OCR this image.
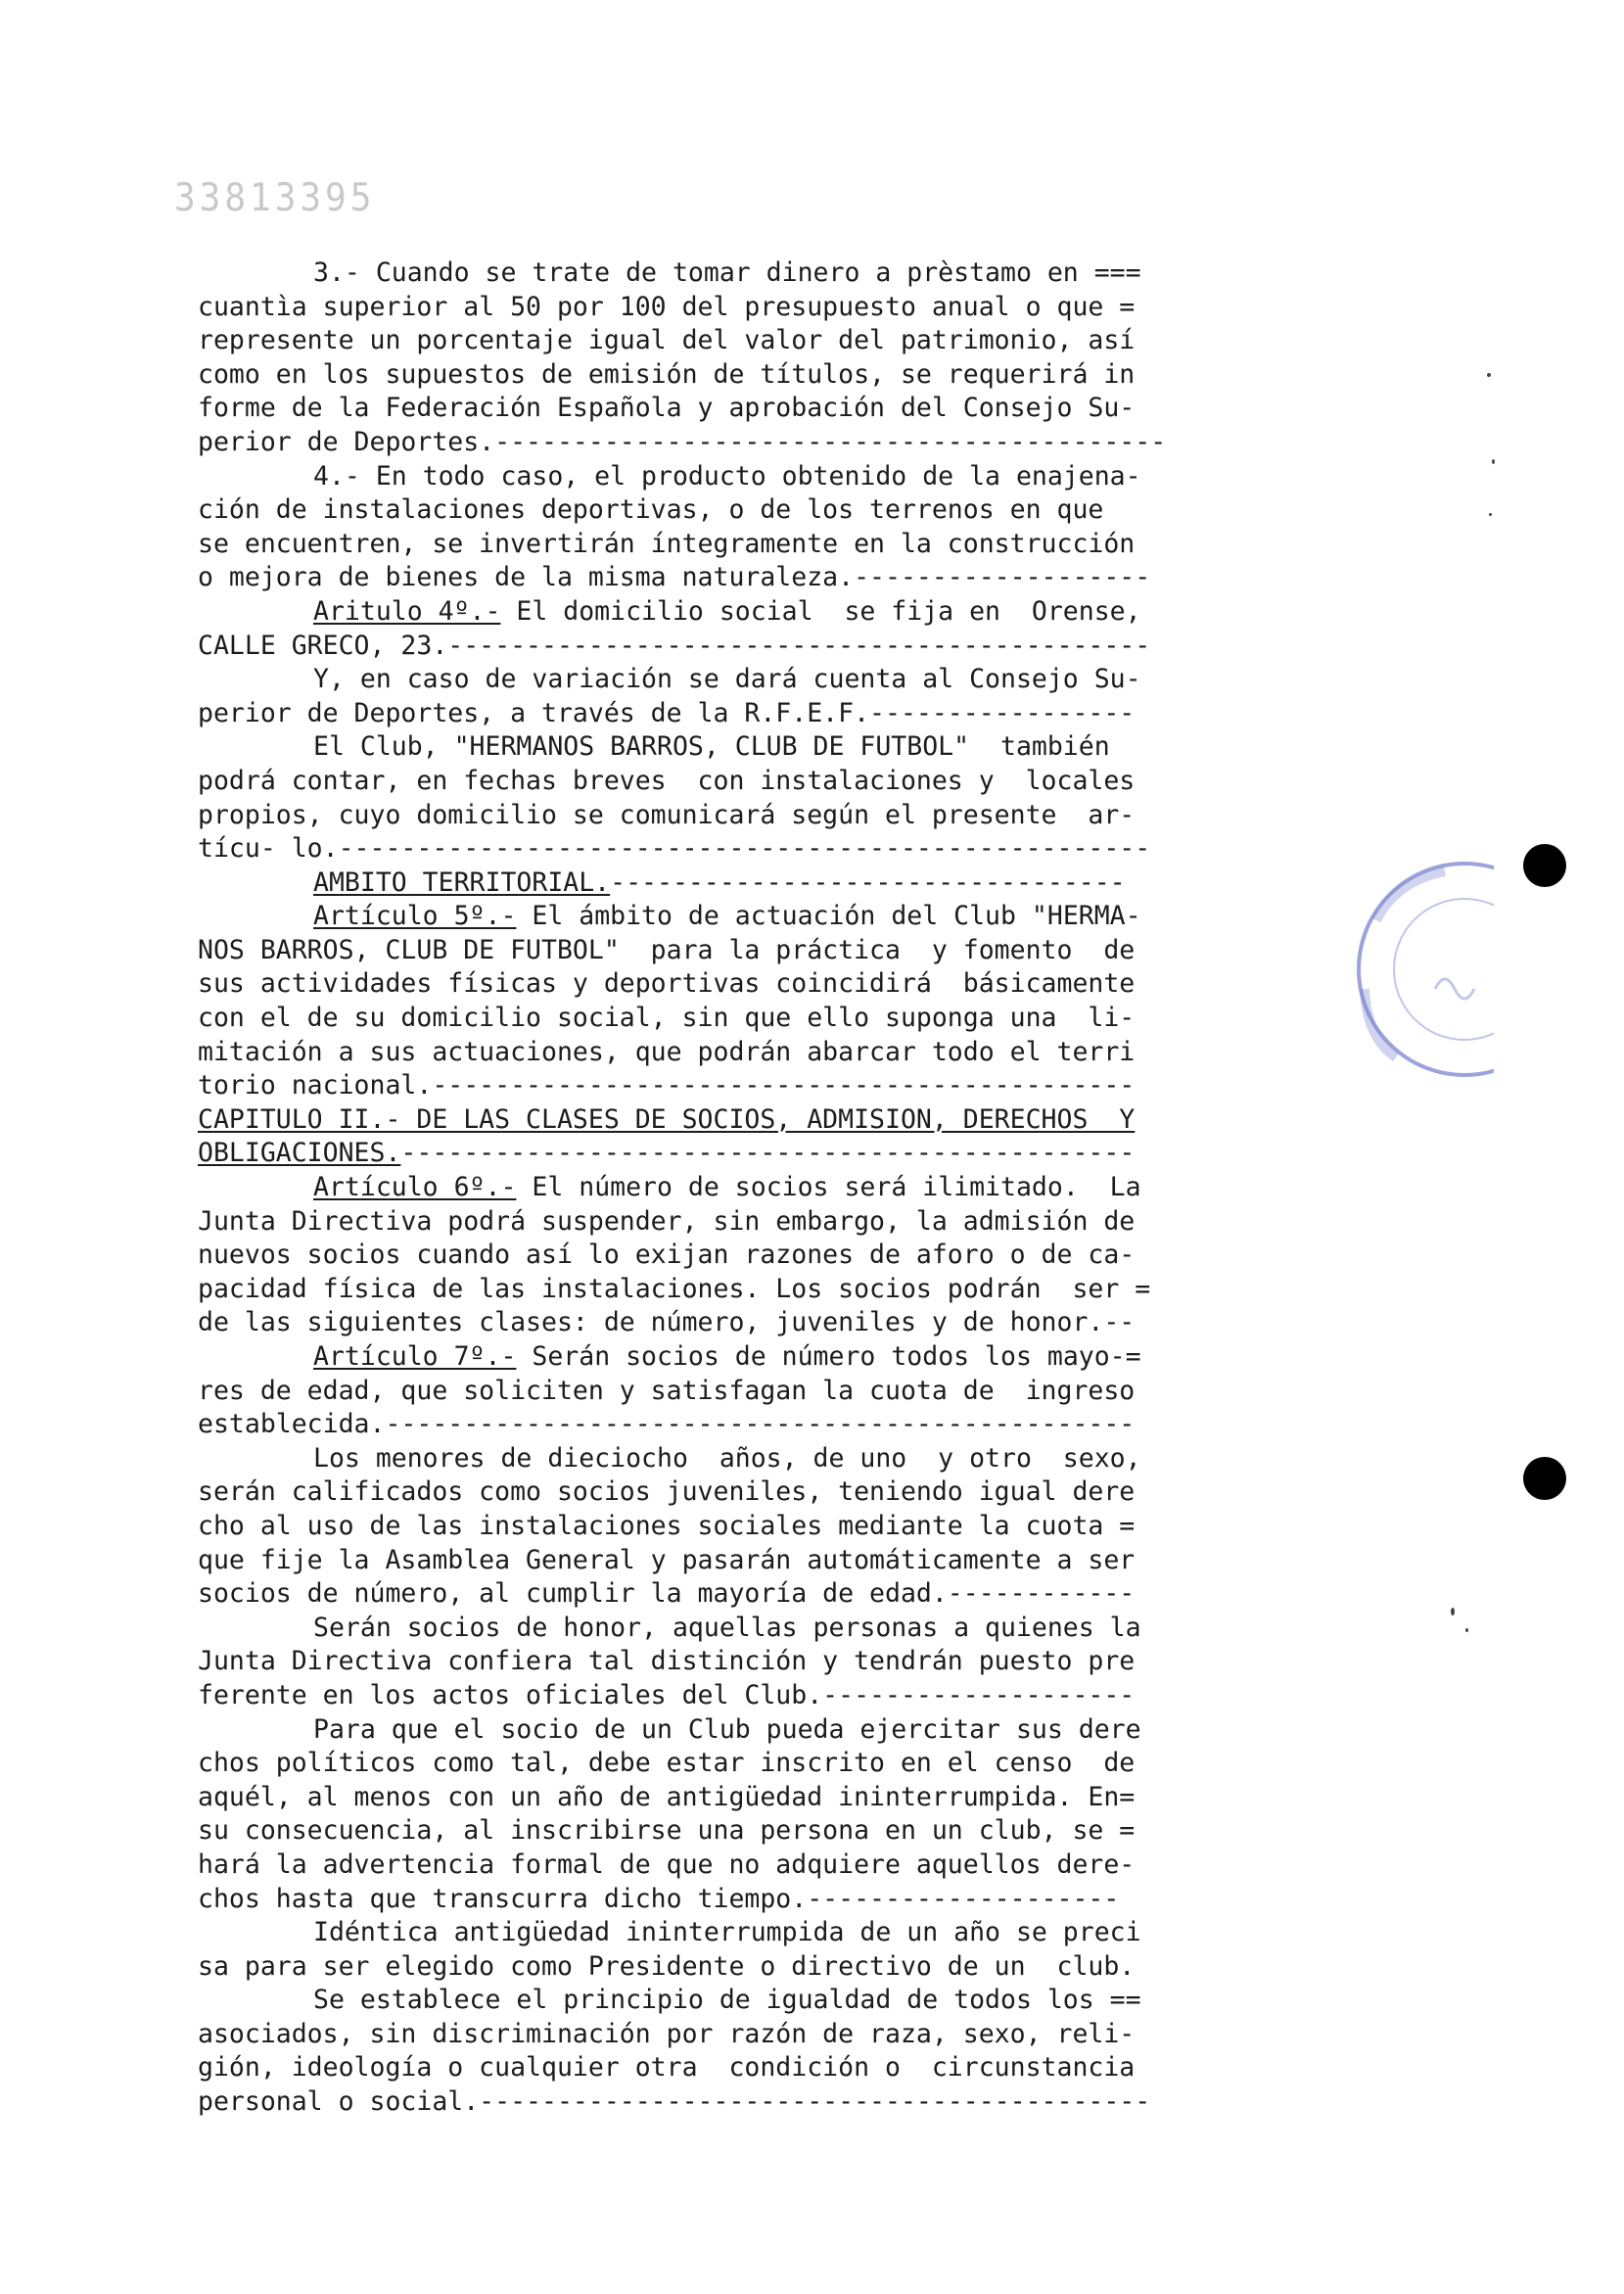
33813395
3.- Cuando se trate de tomar dinero a prèstamo en ===
cuantìa superior al 50 por 100 del presupuesto anual o que =
represente un porcentaje igual del valor del patrimonio, así
como en los supuestos de emisión de títulos, se requerirá in
forme de la Federación Española y aprobación del Consejo Su-
perior de Deportes.-------------------------------------------
4.- En todo caso, el producto obtenido de la enajena-
ción de instalaciones deportivas, o de los terrenos en que
se encuentren, se invertirán íntegramente en la construcción
o mejora de bienes de la misma naturaleza.-------------------
Aritulo 4º.- El domicilio social  se fija en  Orense,
CALLE GRECO, 23.---------------------------------------------
Y, en caso de variación se dará cuenta al Consejo Su-
perior de Deportes, a través de la R.F.E.F.-----------------
El Club, "HERMANOS BARROS, CLUB DE FUTBOL"  también
podrá contar, en fechas breves  con instalaciones y  locales
propios, cuyo domicilio se comunicará según el presente  ar-
tícu- lo.----------------------------------------------------
AMBITO TERRITORIAL.---------------------------------
Artículo 5º.- El ámbito de actuación del Club "HERMA-
NOS BARROS, CLUB DE FUTBOL"  para la práctica  y fomento  de
sus actividades físicas y deportivas coincidirá  básicamente
con el de su domicilio social, sin que ello suponga una  li-
mitación a sus actuaciones, que podrán abarcar todo el terri
torio nacional.---------------------------------------------
CAPITULO II.- DE LAS CLASES DE SOCIOS, ADMISION, DERECHOS  Y
OBLIGACIONES.-----------------------------------------------
Artículo 6º.- El número de socios será ilimitado.  La
Junta Directiva podrá suspender, sin embargo, la admisión de
nuevos socios cuando así lo exijan razones de aforo o de ca-
pacidad física de las instalaciones. Los socios podrán  ser =
de las siguientes clases: de número, juveniles y de honor.--
Artículo 7º.- Serán socios de número todos los mayo-=
res de edad, que soliciten y satisfagan la cuota de  ingreso
establecida.------------------------------------------------
Los menores de dieciocho  años, de uno  y otro  sexo,
serán calificados como socios juveniles, teniendo igual dere
cho al uso de las instalaciones sociales mediante la cuota =
que fije la Asamblea General y pasarán automáticamente a ser
socios de número, al cumplir la mayoría de edad.------------
Serán socios de honor, aquellas personas a quienes la
Junta Directiva confiera tal distinción y tendrán puesto pre
ferente en los actos oficiales del Club.--------------------
Para que el socio de un Club pueda ejercitar sus dere
chos políticos como tal, debe estar inscrito en el censo  de
aquél, al menos con un año de antigüedad ininterrumpida. En=
su consecuencia, al inscribirse una persona en un club, se =
hará la advertencia formal de que no adquiere aquellos dere-
chos hasta que transcurra dicho tiempo.--------------------
Idéntica antigüedad ininterrumpida de un año se preci
sa para ser elegido como Presidente o directivo de un  club.
Se establece el principio de igualdad de todos los ==
asociados, sin discriminación por razón de raza, sexo, reli-
gión, ideología o cualquier otra  condición o  circunstancia
personal o social.-------------------------------------------
